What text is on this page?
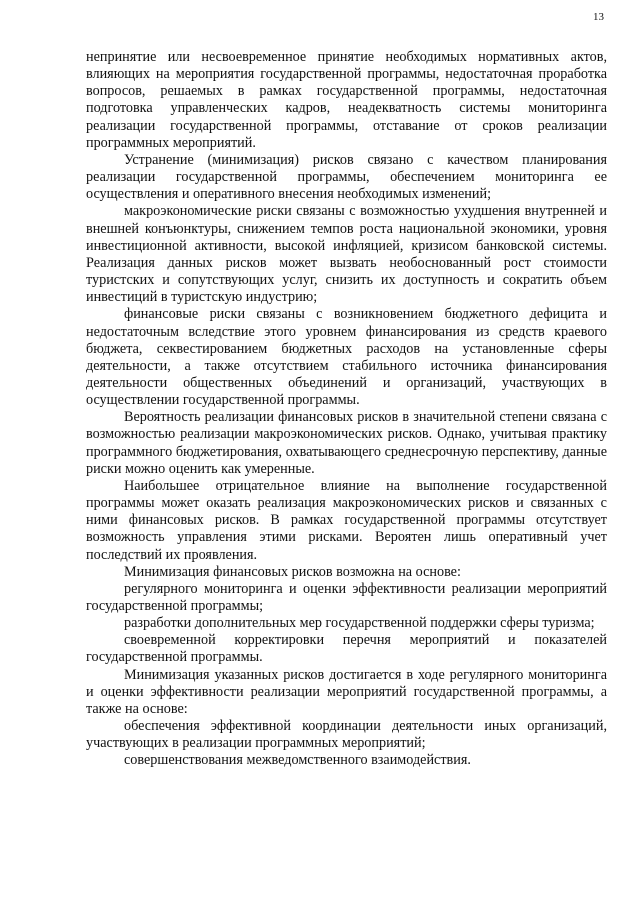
13

непринятие или несвоевременное принятие необходимых нормативных актов, влияющих на мероприятия государственной программы, недостаточная проработка вопросов, решаемых в рамках государственной программы, недостаточная подготовка управленческих кадров, неадекватность системы мониторинга реализации государственной программы, отставание от сроков реализации программных мероприятий.

Устранение (минимизация) рисков связано с качеством планирования реализации государственной программы, обеспечением мониторинга ее осуществления и оперативного внесения необходимых изменений;

макроэкономические риски связаны с возможностью ухудшения внутренней и внешней конъюнктуры, снижением темпов роста национальной экономики, уровня инвестиционной активности, высокой инфляцией, кризисом банковской системы. Реализация данных рисков может вызвать необоснованный рост стоимости туристских и сопутствующих услуг, снизить их доступность и сократить объем инвестиций в туристскую индустрию;

финансовые риски связаны с возникновением бюджетного дефицита и недостаточным вследствие этого уровнем финансирования из средств краевого бюджета, секвестированием бюджетных расходов на установленные сферы деятельности, а также отсутствием стабильного источника финансирования деятельности общественных объединений и организаций, участвующих в осуществлении государственной программы.

Вероятность реализации финансовых рисков в значительной степени связана с возможностью реализации макроэкономических рисков. Однако, учитывая практику программного бюджетирования, охватывающего среднесрочную перспективу, данные риски можно оценить как умеренные.

Наибольшее отрицательное влияние на выполнение государственной программы может оказать реализация макроэкономических рисков и связанных с ними финансовых рисков. В рамках государственной программы отсутствует возможность управления этими рисками. Вероятен лишь оперативный учет последствий их проявления.

Минимизация финансовых рисков возможна на основе:

регулярного мониторинга и оценки эффективности реализации мероприятий государственной программы;

разработки дополнительных мер государственной поддержки сферы туризма;

своевременной корректировки перечня мероприятий и показателей государственной программы.

Минимизация указанных рисков достигается в ходе регулярного мониторинга и оценки эффективности реализации мероприятий государственной программы, а также на основе:

обеспечения эффективной координации деятельности иных организаций, участвующих в реализации программных мероприятий;

совершенствования межведомственного взаимодействия.
